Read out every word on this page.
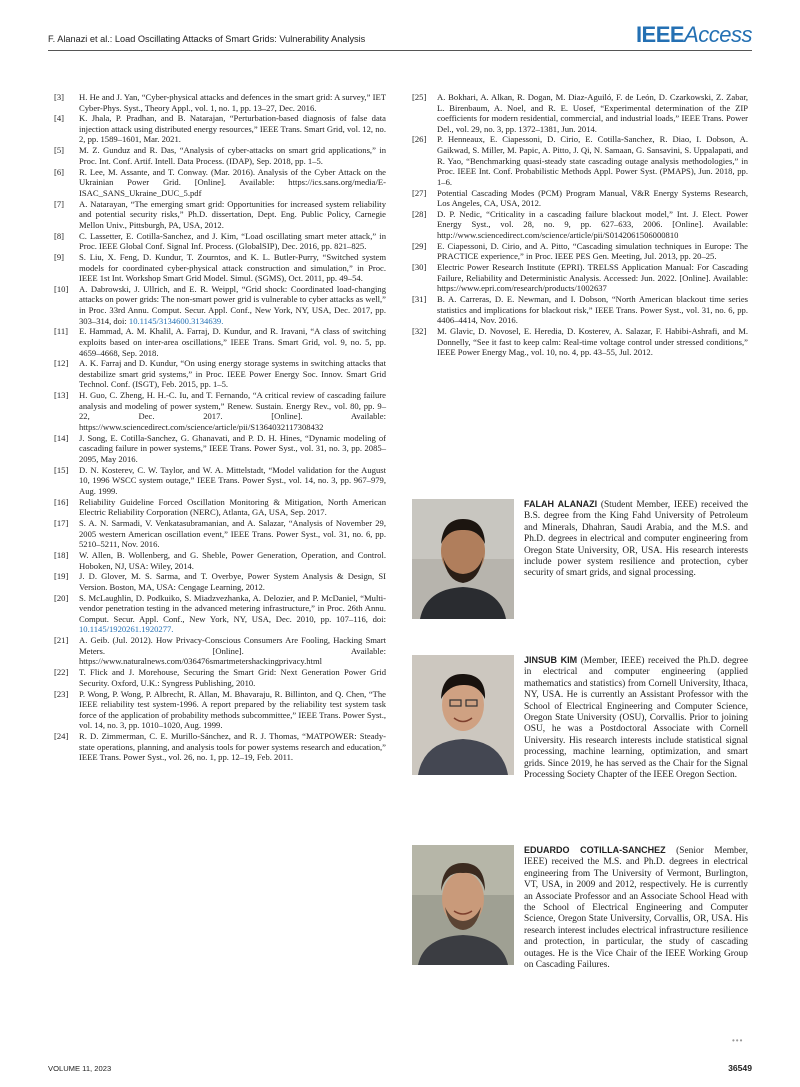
F. Alanazi et al.: Load Oscillating Attacks of Smart Grids: Vulnerability Analysis	IEEEAccess
[3] H. He and J. Yan, “Cyber-physical attacks and defences in the smart grid: A survey,” IET Cyber-Phys. Syst., Theory Appl., vol. 1, no. 1, pp. 13–27, Dec. 2016.
[4] K. Jhala, P. Pradhan, and B. Natarajan, “Perturbation-based diagnosis of false data injection attack using distributed energy resources,” IEEE Trans. Smart Grid, vol. 12, no. 2, pp. 1589–1601, Mar. 2021.
[5] M. Z. Gunduz and R. Das, “Analysis of cyber-attacks on smart grid applications,” in Proc. Int. Conf. Artif. Intell. Data Process. (IDAP), Sep. 2018, pp. 1–5.
[6] R. Lee, M. Assante, and T. Conway. (Mar. 2016). Analysis of the Cyber Attack on the Ukrainian Power Grid. [Online]. Available: https://ics.sans.org/media/E-ISAC_SANS_Ukraine_DUC_5.pdf
[7] A. Natarayan, “The emerging smart grid: Opportunities for increased system reliability and potential security risks,” Ph.D. dissertation, Dept. Eng. Public Policy, Carnegie Mellon Univ., Pittsburgh, PA, USA, 2012.
[8] C. Lassetter, E. Cotilla-Sanchez, and J. Kim, “Load oscillating smart meter attack,” in Proc. IEEE Global Conf. Signal Inf. Process. (GlobalSIP), Dec. 2016, pp. 821–825.
[9] S. Liu, X. Feng, D. Kundur, T. Zourntos, and K. L. Butler-Purry, “Switched system models for coordinated cyber-physical attack construction and simulation,” in Proc. IEEE 1st Int. Workshop Smart Grid Model. Simul. (SGMS), Oct. 2011, pp. 49–54.
[10] A. Dabrowski, J. Ullrich, and E. R. Weippl, “Grid shock: Coordinated load-changing attacks on power grids: The non-smart power grid is vulnerable to cyber attacks as well,” in Proc. 33rd Annu. Comput. Secur. Appl. Conf., New York, NY, USA, Dec. 2017, pp. 303–314, doi: 10.1145/3134600.3134639.
[11] E. Hammad, A. M. Khalil, A. Farraj, D. Kundur, and R. Iravani, “A class of switching exploits based on inter-area oscillations,” IEEE Trans. Smart Grid, vol. 9, no. 5, pp. 4659–4668, Sep. 2018.
[12] A. K. Farraj and D. Kundur, “On using energy storage systems in switching attacks that destabilize smart grid systems,” in Proc. IEEE Power Energy Soc. Innov. Smart Grid Technol. Conf. (ISGT), Feb. 2015, pp. 1–5.
[13] H. Guo, C. Zheng, H. H.-C. Iu, and T. Fernando, “A critical review of cascading failure analysis and modeling of power system,” Renew. Sustain. Energy Rev., vol. 80, pp. 9–22, Dec. 2017. [Online]. Available: https://www.sciencedirect.com/science/article/pii/S1364032117308432
[14] J. Song, E. Cotilla-Sanchez, G. Ghanavati, and P. D. H. Hines, “Dynamic modeling of cascading failure in power systems,” IEEE Trans. Power Syst., vol. 31, no. 3, pp. 2085–2095, May 2016.
[15] D. N. Kosterev, C. W. Taylor, and W. A. Mittelstadt, “Model validation for the August 10, 1996 WSCC system outage,” IEEE Trans. Power Syst., vol. 14, no. 3, pp. 967–979, Aug. 1999.
[16] Reliability Guideline Forced Oscillation Monitoring & Mitigation, North American Electric Reliability Corporation (NERC), Atlanta, GA, USA, Sep. 2017.
[17] S. A. N. Sarmadi, V. Venkatasubramanian, and A. Salazar, “Analysis of November 29, 2005 western American oscillation event,” IEEE Trans. Power Syst., vol. 31, no. 6, pp. 5210–5211, Nov. 2016.
[18] W. Allen, B. Wollenberg, and G. Sheble, Power Generation, Operation, and Control. Hoboken, NJ, USA: Wiley, 2014.
[19] J. D. Glover, M. S. Sarma, and T. Overbye, Power System Analysis & Design, SI Version. Boston, MA, USA: Cengage Learning, 2012.
[20] S. McLaughlin, D. Podkuiko, S. Miadzvezhanka, A. Delozier, and P. McDaniel, “Multi-vendor penetration testing in the advanced metering infrastructure,” in Proc. 26th Annu. Comput. Secur. Appl. Conf., New York, NY, USA, Dec. 2010, pp. 107–116, doi: 10.1145/1920261.1920277.
[21] A. Geib. (Jul. 2012). How Privacy-Conscious Consumers Are Fooling, Hacking Smart Meters. [Online]. Available: https://www.naturalnews.com/036476smartmetershackingprivacy.html
[22] T. Flick and J. Morehouse, Securing the Smart Grid: Next Generation Power Grid Security. Oxford, U.K.: Syngress Publishing, 2010.
[23] P. Wong, P. Wong, P. Albrecht, R. Allan, M. Bhavaraju, R. Billinton, and Q. Chen, “The IEEE reliability test system-1996. A report prepared by the reliability test system task force of the application of probability methods subcommittee,” IEEE Trans. Power Syst., vol. 14, no. 3, pp. 1010–1020, Aug. 1999.
[24] R. D. Zimmerman, C. E. Murillo-Sánchez, and R. J. Thomas, “MATPOWER: Steady-state operations, planning, and analysis tools for power systems research and education,” IEEE Trans. Power Syst., vol. 26, no. 1, pp. 12–19, Feb. 2011.
[25] A. Bokhari, A. Alkan, R. Dogan, M. Diaz-Aguiló, F. de León, D. Czarkowski, Z. Zabar, L. Birenbaum, A. Noel, and R. E. Uosef, “Experimental determination of the ZIP coefficients for modern residential, commercial, and industrial loads,” IEEE Trans. Power Del., vol. 29, no. 3, pp. 1372–1381, Jun. 2014.
[26] P. Henneaux, E. Ciapessoni, D. Cirio, E. Cotilla-Sanchez, R. Diao, I. Dobson, A. Gaikwad, S. Miller, M. Papic, A. Pitto, J. Qi, N. Samaan, G. Sansavini, S. Uppalapati, and R. Yao, “Benchmarking quasi-steady state cascading outage analysis methodologies,” in Proc. IEEE Int. Conf. Probabilistic Methods Appl. Power Syst. (PMAPS), Jun. 2018, pp. 1–6.
[27] Potential Cascading Modes (PCM) Program Manual, V&R Energy Systems Research, Los Angeles, CA, USA, 2012.
[28] D. P. Nedic, “Criticality in a cascading failure blackout model,” Int. J. Elect. Power Energy Syst., vol. 28, no. 9, pp. 627–633, 2006. [Online]. Available: http://www.sciencedirect.com/science/article/pii/S0142061506000810
[29] E. Ciapessoni, D. Cirio, and A. Pitto, “Cascading simulation techniques in Europe: The PRACTICE experience,” in Proc. IEEE PES Gen. Meeting, Jul. 2013, pp. 20–25.
[30] Electric Power Research Institute (EPRI). TRELSS Application Manual: For Cascading Failure, Reliability and Deterministic Analysis. Accessed: Jun. 2022. [Online]. Available: https://www.epri.com/research/products/1002637
[31] B. A. Carreras, D. E. Newman, and I. Dobson, “North American blackout time series statistics and implications for blackout risk,” IEEE Trans. Power Syst., vol. 31, no. 6, pp. 4406–4414, Nov. 2016.
[32] M. Glavic, D. Novosel, E. Heredia, D. Kosterev, A. Salazar, F. Habibi-Ashrafi, and M. Donnelly, “See it fast to keep calm: Real-time voltage control under stressed conditions,” IEEE Power Energy Mag., vol. 10, no. 4, pp. 43–55, Jul. 2012.
FALAH ALANAZI (Student Member, IEEE) received the B.S. degree from the King Fahd University of Petroleum and Minerals, Dhahran, Saudi Arabia, and the M.S. and Ph.D. degrees in electrical and computer engineering from Oregon State University, OR, USA. His research interests include power system resilience and protection, cyber security of smart grids, and signal processing.
JINSUB KIM (Member, IEEE) received the Ph.D. degree in electrical and computer engineering (applied mathematics and statistics) from Cornell University, Ithaca, NY, USA. He is currently an Assistant Professor with the School of Electrical Engineering and Computer Science, Oregon State University (OSU), Corvallis. Prior to joining OSU, he was a Postdoctoral Associate with Cornell University. His research interests include statistical signal processing, machine learning, optimization, and smart grids. Since 2019, he has served as the Chair for the Signal Processing Society Chapter of the IEEE Oregon Section.
EDUARDO COTILLA-SANCHEZ (Senior Member, IEEE) received the M.S. and Ph.D. degrees in electrical engineering from The University of Vermont, Burlington, VT, USA, in 2009 and 2012, respectively. He is currently an Associate Professor and an Associate School Head with the School of Electrical Engineering and Computer Science, Oregon State University, Corvallis, OR, USA. His research interest includes electrical infrastructure resilience and protection, in particular, the study of cascading outages. He is the Vice Chair of the IEEE Working Group on Cascading Failures.
•••
VOLUME 11, 2023	36549
